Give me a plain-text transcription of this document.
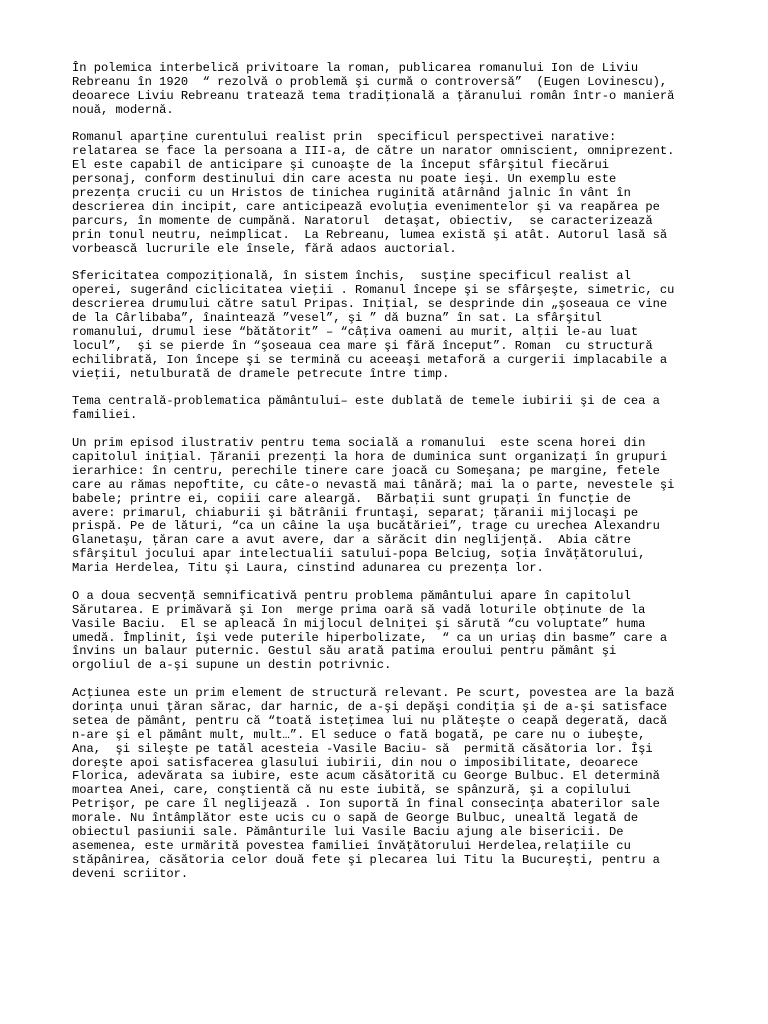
În polemica interbelică privitoare la roman, publicarea romanului Ion de Liviu
Rebreanu în 1920  “ rezolvă o problemă şi curmă o controversă”  (Eugen Lovinescu),
deoarece Liviu Rebreanu tratează tema tradiţională a ţăranului român într-o manieră
nouă, modernă.
Romanul aparţine curentului realist prin  specificul perspectivei narative:
relatarea se face la persoana a III-a, de către un narator omniscient, omniprezent.
El este capabil de anticipare şi cunoaşte de la început sfârşitul fiecărui
personaj, conform destinului din care acesta nu poate ieşi. Un exemplu este
prezenţa crucii cu un Hristos de tinichea ruginită atârnând jalnic în vânt în
descrierea din incipit, care anticipează evoluţia evenimentelor şi va reapărea pe
parcurs, în momente de cumpănă. Naratorul  detaşat, obiectiv,  se caracterizează
prin tonul neutru, neimplicat.  La Rebreanu, lumea există şi atât. Autorul lasă să
vorbească lucrurile ele însele, fără adaos auctorial.
Sfericitatea compoziţională, în sistem închis,  susţine specificul realist al
operei, sugerând ciclicitatea vieţii . Romanul începe şi se sfârşeşte, simetric, cu
descrierea drumului către satul Pripas. Iniţial, se desprinde din „şoseaua ce vine
de la Cârlibaba”, înaintează ”vesel”, şi ” dă buzna” în sat. La sfârşitul
romanului, drumul iese “bătătorit” – “câţiva oameni au murit, alţii le-au luat
locul”,  şi se pierde în “şoseaua cea mare şi fără început”. Roman  cu structură
echilibrată, Ion începe şi se termină cu aceeaşi metaforă a curgerii implacabile a
vieţii, netulburată de dramele petrecute între timp.
Tema centrală-problematica pământului– este dublată de temele iubirii şi de cea a
familiei.
Un prim episod ilustrativ pentru tema socială a romanului  este scena horei din
capitolul iniţial. Ţăranii prezenţi la hora de duminica sunt organizaţi în grupuri
ierarhice: în centru, perechile tinere care joacă cu Someşana; pe margine, fetele
care au rămas nepoftite, cu câte-o nevastă mai tânără; mai la o parte, nevestele şi
babele; printre ei, copiii care aleargă.  Bărbaţii sunt grupaţi în funcţie de
avere: primarul, chiaburii şi bătrânii fruntaşi, separat; ţăranii mijlocaşi pe
prispă. Pe de lături, “ca un câine la uşa bucătăriei”, trage cu urechea Alexandru
Glanetaşu, ţăran care a avut avere, dar a sărăcit din neglijenţă.  Abia către
sfârşitul jocului apar intelectualii satului-popa Belciug, soţia învăţătorului,
Maria Herdelea, Titu şi Laura, cinstind adunarea cu prezenţa lor.
O a doua secvenţă semnificativă pentru problema pământului apare în capitolul
Sărutarea. E primăvară şi Ion  merge prima oară să vadă loturile obţinute de la
Vasile Baciu.  El se apleacă în mijlocul delniţei şi sărută “cu voluptate” huma
umedă. Împlinit, îşi vede puterile hiperbolizate,  “ ca un uriaş din basme” care a
învins un balaur puternic. Gestul său arată patima eroului pentru pământ şi
orgoliul de a-şi supune un destin potrivnic.
Acţiunea este un prim element de structură relevant. Pe scurt, povestea are la bază
dorinţa unui ţăran sărac, dar harnic, de a-şi depăşi condiţia şi de a-şi satisface
setea de pământ, pentru că “toată isteţimea lui nu plăteşte o ceapă degerată, dacă
n-are şi el pământ mult, mult…”. El seduce o fată bogată, pe care nu o iubeşte,
Ana,  şi sileşte pe tatăl acesteia -Vasile Baciu- să  permită căsătoria lor. Îşi
doreşte apoi satisfacerea glasului iubirii, din nou o imposibilitate, deoarece
Florica, adevărata sa iubire, este acum căsătorită cu George Bulbuc. El determină
moartea Anei, care, conştientă că nu este iubită, se spânzură, şi a copilului
Petrişor, pe care îl neglijează . Ion suportă în final consecinţa abaterilor sale
morale. Nu întâmplător este ucis cu o sapă de George Bulbuc, unealtă legată de
obiectul pasiunii sale. Pământurile lui Vasile Baciu ajung ale bisericii. De
asemenea, este urmărită povestea familiei învăţătorului Herdelea,relaţiile cu
stăpânirea, căsătoria celor două fete şi plecarea lui Titu la Bucureşti, pentru a
deveni scriitor.
